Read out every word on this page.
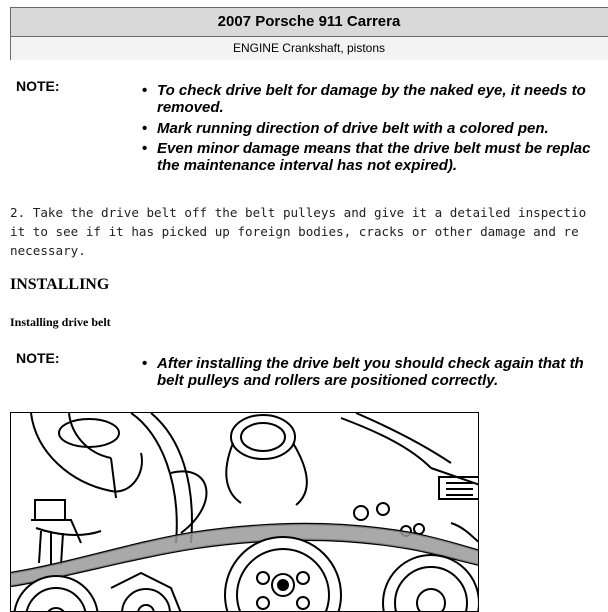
2007 Porsche 911 Carrera
ENGINE Crankshaft, pistons
NOTE:	• To check drive belt for damage by the naked eye, it needs to
removed.
• Mark running direction of drive belt with a colored pen.
• Even minor damage means that the drive belt must be replac
the maintenance interval has not expired).
2. Take the drive belt off the belt pulleys and give it a detailed inspectio
it to see if it has picked up foreign bodies, cracks or other damage and re
necessary.
INSTALLING
Installing drive belt
NOTE:	• After installing the drive belt you should check again that th
belt pulleys and rollers are positioned correctly.
